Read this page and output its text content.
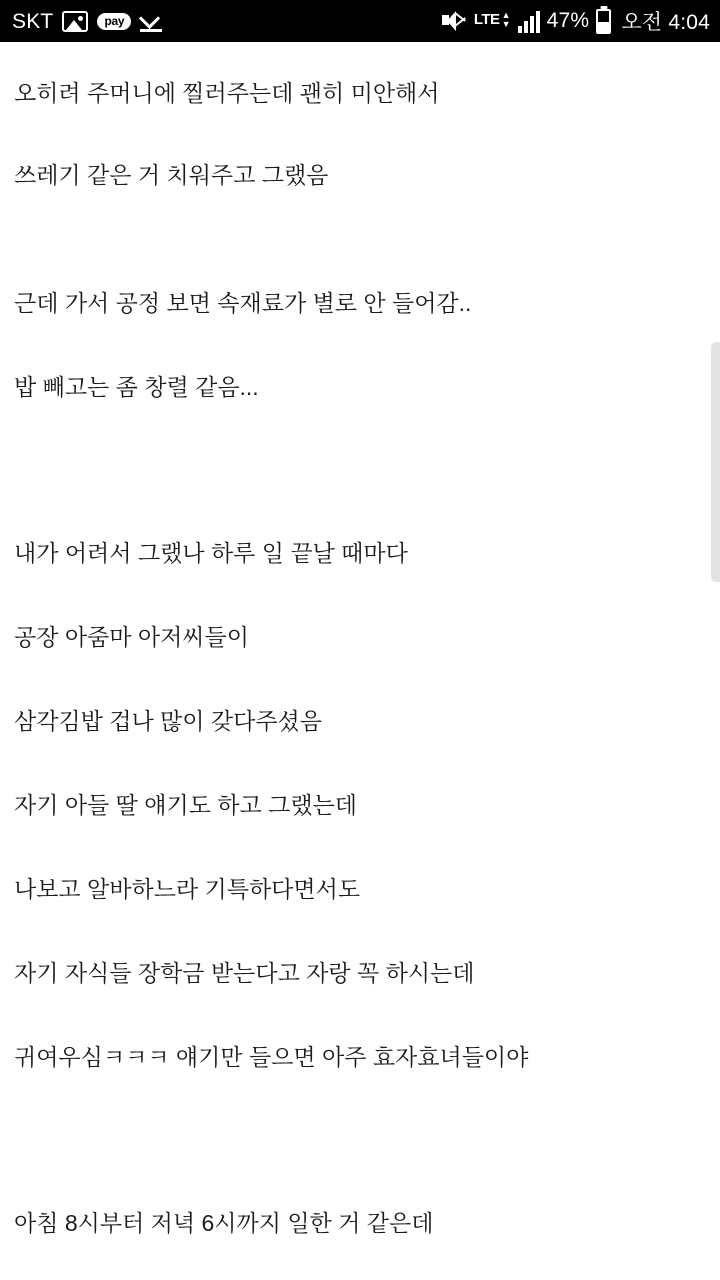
SKT	pay	LTE ▲
▼ 47% 오전 4:04
오히려 주머니에 찔러주는데 괜히 미안해서
쓰레기 같은 거 치워주고 그랬음
근데 가서 공정 보면 속재료가 별로 안 들어감..
밥 빼고는 좀 창렬 같음...
내가 어려서 그랬나 하루 일 끝날 때마다
공장 아줌마 아저씨들이
삼각김밥 겁나 많이 갖다주셨음
자기 아들 딸 얘기도 하고 그랬는데
나보고 알바하느라 기특하다면서도
자기 자식들 장학금 받는다고 자랑 꼭 하시는데
귀여우심ㅋㅋㅋ 얘기만 들으면 아주 효자효녀들이야
아침 8시부터 저녁 6시까지 일한 거 같은데
